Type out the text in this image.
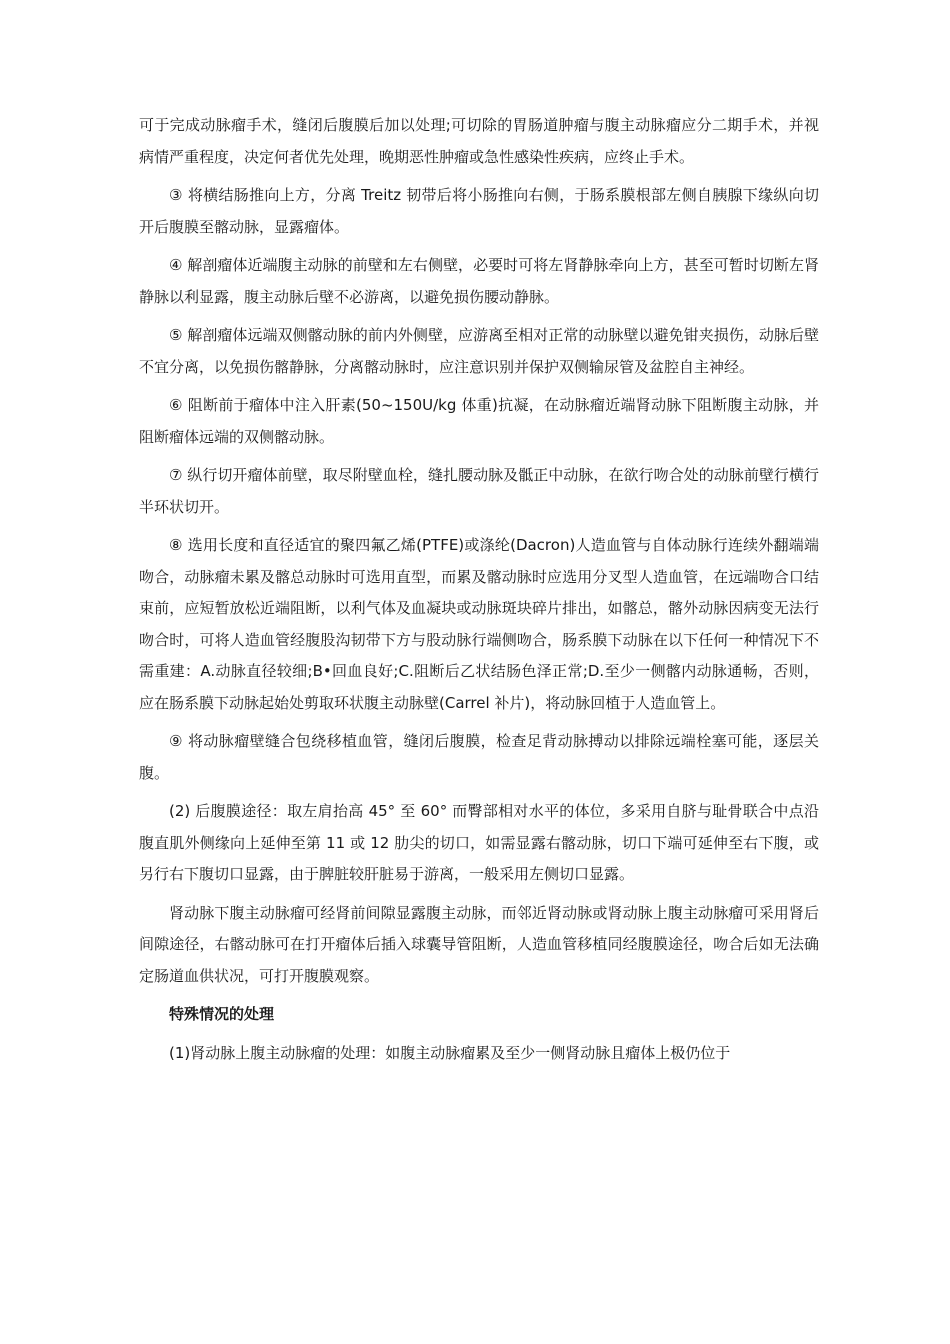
可于完成动脉瘤手术，缝闭后腹膜后加以处理;可切除的胃肠道肿瘤与腹主动脉瘤应分二期手术，并视病情严重程度，决定何者优先处理，晚期恶性肿瘤或急性感染性疾病，应终止手术。

③ 将横结肠推向上方，分离 Treitz 韧带后将小肠推向右侧，于肠系膜根部左侧自胰腺下缘纵向切开后腹膜至髂动脉，显露瘤体。

④ 解剖瘤体近端腹主动脉的前壁和左右侧壁，必要时可将左肾静脉牵向上方，甚至可暂时切断左肾静脉以利显露，腹主动脉后壁不必游离，以避免损伤腰动静脉。

⑤ 解剖瘤体远端双侧髂动脉的前内外侧壁，应游离至相对正常的动脉壁以避免钳夹损伤，动脉后壁不宜分离，以免损伤髂静脉，分离髂动脉时，应注意识别并保护双侧输尿管及盆腔自主神经。

⑥ 阻断前于瘤体中注入肝素(50~150U/kg 体重)抗凝，在动脉瘤近端肾动脉下阻断腹主动脉，并阻断瘤体远端的双侧髂动脉。

⑦ 纵行切开瘤体前壁，取尽附壁血栓，缝扎腰动脉及骶正中动脉，在欲行吻合处的动脉前壁行横行半环状切开。

⑧ 选用长度和直径适宜的聚四氟乙烯(PTFE)或涤纶(Dacron)人造血管与自体动脉行连续外翻端端吻合，动脉瘤未累及髂总动脉时可选用直型，而累及髂动脉时应选用分叉型人造血管，在远端吻合口结束前，应短暂放松近端阻断，以利气体及血凝块或动脉斑块碎片排出，如髂总，髂外动脉因病变无法行吻合时，可将人造血管经腹股沟韧带下方与股动脉行端侧吻合，肠系膜下动脉在以下任何一种情况下不需重建：A.动脉直径较细;B•回血良好;C.阻断后乙状结肠色泽正常;D.至少一侧髂内动脉通畅，否则，应在肠系膜下动脉起始处剪取环状腹主动脉壁(Carrel 补片)，将动脉回植于人造血管上。

⑨ 将动脉瘤壁缝合包绕移植血管，缝闭后腹膜，检查足背动脉搏动以排除远端栓塞可能，逐层关腹。

(2) 后腹膜途径：取左肩抬高 45° 至 60° 而臀部相对水平的体位，多采用自脐与耻骨联合中点沿腹直肌外侧缘向上延伸至第 11 或 12 肋尖的切口，如需显露右髂动脉，切口下端可延伸至右下腹，或另行右下腹切口显露，由于脾脏较肝脏易于游离，一般采用左侧切口显露。

肾动脉下腹主动脉瘤可经肾前间隙显露腹主动脉，而邻近肾动脉或肾动脉上腹主动脉瘤可采用肾后间隙途径，右髂动脉可在打开瘤体后插入球囊导管阻断，人造血管移植同经腹膜途径，吻合后如无法确定肠道血供状况，可打开腹膜观察。

特殊情况的处理

(1)肾动脉上腹主动脉瘤的处理：如腹主动脉瘤累及至少一侧肾动脉且瘤体上极仍位于
